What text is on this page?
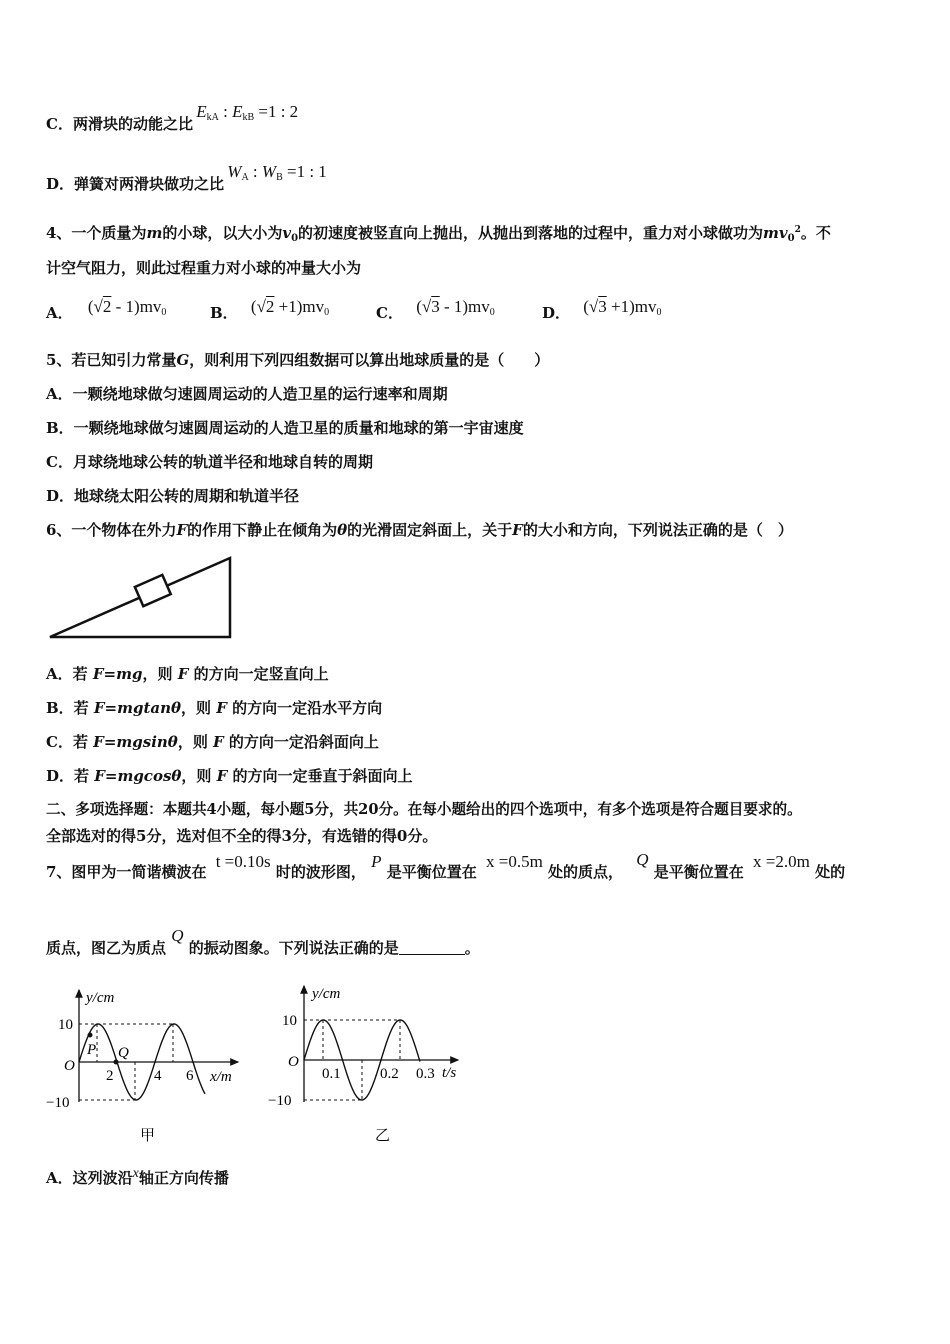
C．两滑块的动能之比 $E_{kA}$ : $E_{kB} =1$ : 2
D．弹簧对两滑块做功之比 $W_A$ : $W_B =1$ : 1
4、一个质量为m的小球，以大小为$v_0$的初速度被竖直向上抛出，从抛出到落地的过程中，重力对小球做功为$mv_0^2$。不
计空气阻力，则此过程重力对小球的冲量大小为
A． $(√2 - 1)mv_0$	B． $(√2 +1)mv_0$	C． $(√3 - 1)mv_0$	D． $(√3 +1)mv_0$
5、若已知引力常量G，则利用下列四组数据可以算出地球质量的是（　　）
A．一颗绕地球做匀速圆周运动的人造卫星的运行速率和周期
B．一颗绕地球做匀速圆周运动的人造卫星的质量和地球的第一宇宙速度
C．月球绕地球公转的轨道半径和地球自转的周期
D．地球绕太阳公转的周期和轨道半径
6、一个物体在外力F的作用下静止在倾角为θ的光滑固定斜面上，关于F的大小和方向，下列说法正确的是（　）
A．若 F=mg，则 F 的方向一定竖直向上
B．若 F=mgtanθ，则 F 的方向一定沿水平方向
C．若 F=mgsinθ，则 F 的方向一定沿斜面向上
D．若 F=mgcosθ，则 F 的方向一定垂直于斜面向上
二、多项选择题：本题共4小题，每小题5分，共20分。在每小题给出的四个选项中，有多个选项是符合题目要求的。
全部选对的得5分，选对但不全的得3分，有选错的得0分。
7、图甲为一简谐横波在 t =0.10s 时的波形图， P 是平衡位置在 x =0.5m 处的质点， Q 是平衡位置在 x =2.0m 处的
质点，图乙为质点 Q 的振动图象。下列说法正确的是	。
y/cm
x/m
10
O
−10
2	4 6
P Q
甲
y/cm
t/s
10
O
−10
0.1	0.2 0.3
乙
A．这列波沿x轴正方向传播
